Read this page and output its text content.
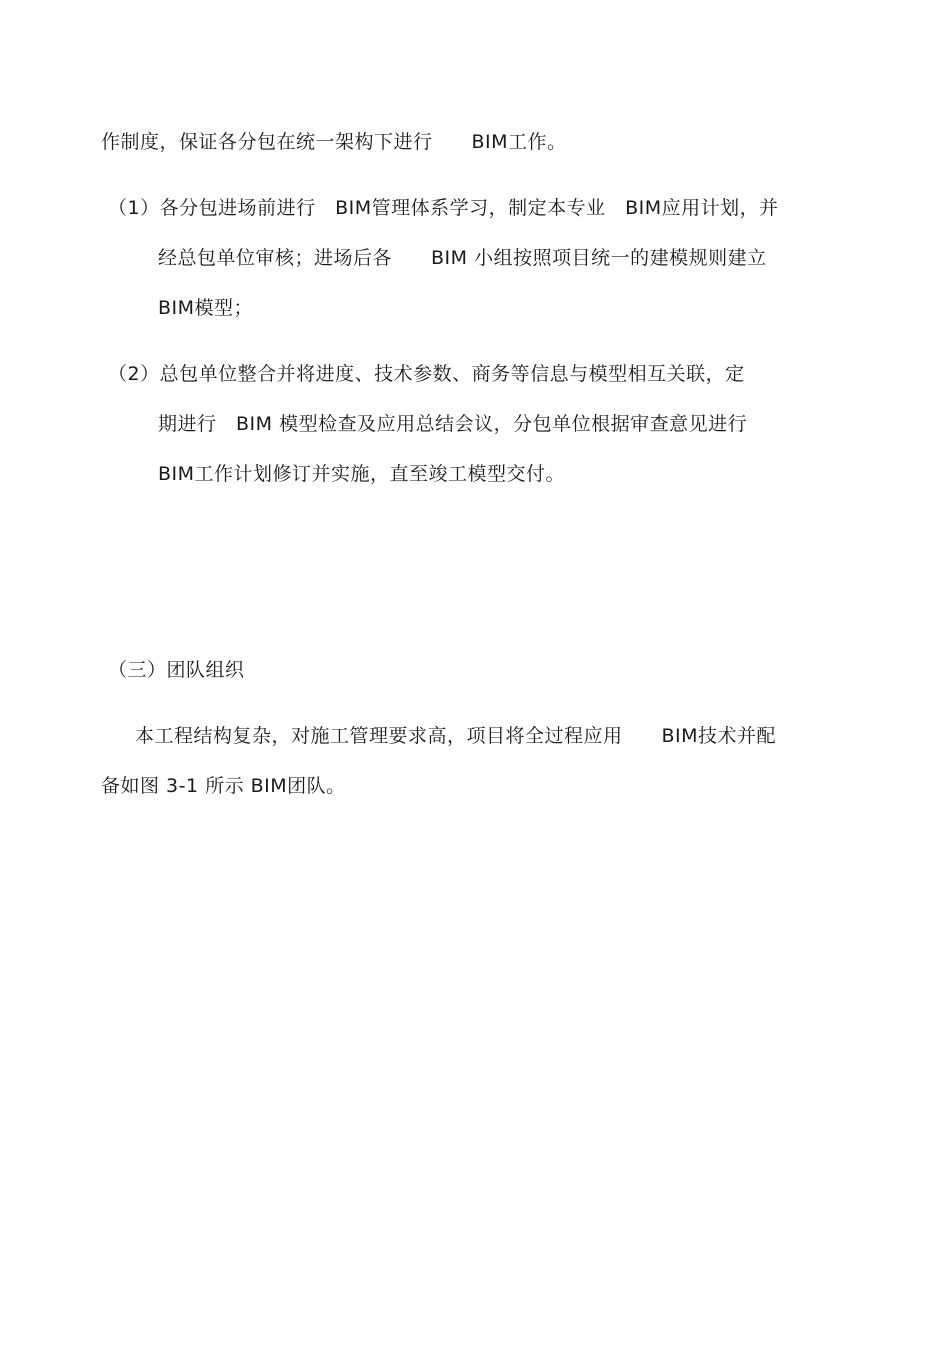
作制度，保证各分包在统一架构下进行　　BIM工作。
（1）各分包进场前进行　BIM管理体系学习，制定本专业　BIM应用计划，并
经总包单位审核；进场后各　　BIM 小组按照项目统一的建模规则建立
BIM模型；
（2）总包单位整合并将进度、技术参数、商务等信息与模型相互关联，定
期进行　BIM 模型检查及应用总结会议，分包单位根据审查意见进行
BIM工作计划修订并实施，直至竣工模型交付。
（三）团队组织
本工程结构复杂，对施工管理要求高，项目将全过程应用　　BIM技术并配
备如图 3-1 所示 BIM团队。
